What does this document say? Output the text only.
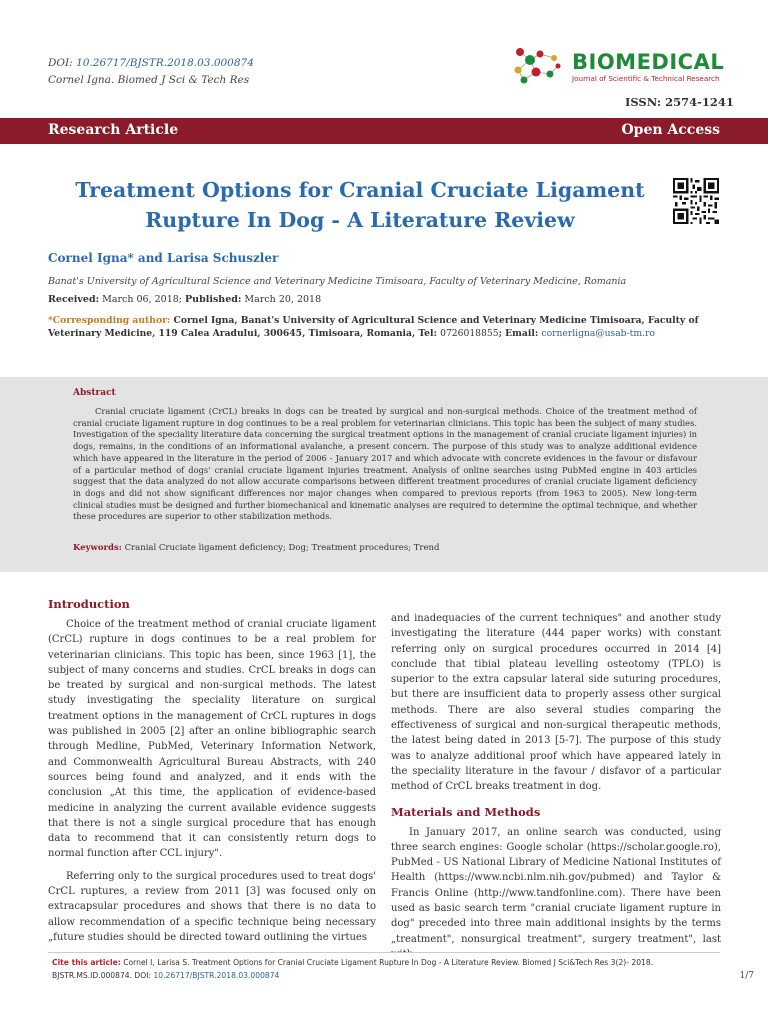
DOI: 10.26717/BJSTR.2018.03.000874
Cornel Igna. Biomed J Sci & Tech Res
BIOMEDICAL
Journal of Scientific & Technical Research
ISSN: 2574-1241
Research Article	Open Access
Treatment Options for Cranial Cruciate Ligament
Rupture In Dog - A Literature Review
Cornel Igna* and Larisa Schuszler
Banat's University of Agricultural Science and Veterinary Medicine Timisoara, Faculty of Veterinary Medicine, Romania
Received: March 06, 2018; Published: March 20, 2018
*Corresponding author: Cornel Igna, Banat's University of Agricultural Science and Veterinary Medicine Timisoara, Faculty of Veterinary Medicine, 119 Calea Aradului, 300645, Timisoara, Romania, Tel: 0726018855; Email: cornerligna@usab-tm.ro
Abstract
Cranial cruciate ligament (CrCL) breaks in dogs can be treated by surgical and non-surgical methods. Choice of the treatment method of cranial cruciate ligament rupture in dog continues to be a real problem for veterinarian clinicians. This topic has been the subject of many studies. Investigation of the speciality literature data concerning the surgical treatment options in the management of cranial cruciate ligament injuries) in dogs, remains, in the conditions of an informational avalanche, a present concern. The purpose of this study was to analyze additional evidence which have appeared in the literature in the period of 2006 - January 2017 and which advocate with concrete evidences in the favour or disfavour of a particular method of dogs' cranial cruciate ligament injuries treatment. Analysis of online searches using PubMed engine in 403 articles suggest that the data analyzed do not allow accurate comparisons between different treatment procedures of cranial cruciate ligament deficiency in dogs and did not show significant differences nor major changes when compared to previous reports (from 1963 to 2005). New long-term clinical studies must be designed and further biomechanical and kinematic analyses are required to determine the optimal technique, and whether these procedures are superior to other stabilization methods.
Keywords: Cranial Cruciate ligament deficiency; Dog; Treatment procedures; Trend
Introduction

Choice of the treatment method of cranial cruciate ligament (CrCL) rupture in dogs continues to be a real problem for veterinarian clinicians. This topic has been, since 1963 [1], the subject of many concerns and studies. CrCL breaks in dogs can be treated by surgical and non-surgical methods. The latest study investigating the speciality literature on surgical treatment options in the management of CrCL ruptures in dogs was published in 2005 [2] after an online bibliographic search through Medline, PubMed, Veterinary Information Network, and Commonwealth Agricultural Bureau Abstracts, with 240 sources being found and analyzed, and it ends with the conclusion „At this time, the application of evidence-based medicine in analyzing the current available evidence suggests that there is not a single surgical procedure that has enough data to recommend that it can consistently return dogs to normal function after CCL injury".

Referring only to the surgical procedures used to treat dogs' CrCL ruptures, a review from 2011 [3] was focused only on extracapsular procedures and shows that there is no data to allow recommendation of a specific technique being necessary „future studies should be directed toward outlining the virtues

and inadequacies of the current techniques" and another study investigating the literature (444 paper works) with constant referring only on surgical procedures occurred in 2014 [4] conclude that tibial plateau levelling osteotomy (TPLO) is superior to the extra capsular lateral side suturing procedures, but there are insufficient data to properly assess other surgical methods. There are also several studies comparing the effectiveness of surgical and non-surgical therapeutic methods, the latest being dated in 2013 [5-7]. The purpose of this study was to analyze additional proof which have appeared lately in the speciality literature in the favour / disfavor of a particular method of CrCL breaks treatment in dog.

Materials and Methods

In January 2017, an online search was conducted, using three search engines: Google scholar (https://scholar.google.ro), PubMed - US National Library of Medicine National Institutes of Health (https://www.ncbi.nlm.nih.gov/pubmed) and Taylor & Francis Online (http://www.tandfonline.com). There have been used as basic search term "cranial cruciate ligament rupture in dog" preceded into three main additional insights by the terms „treatment", nonsurgical treatment", surgery treatment", last

Cite this article: Cornel I, Larisa S. Treatment Options for Cranial Cruciate Ligament Rupture In Dog - A Literature Review. Biomed J Sci&Tech Res 3(2)- 2018. BJSTR.MS.ID.000874. DOI: 10.26717/BJSTR.2018.03.000874	1/7
